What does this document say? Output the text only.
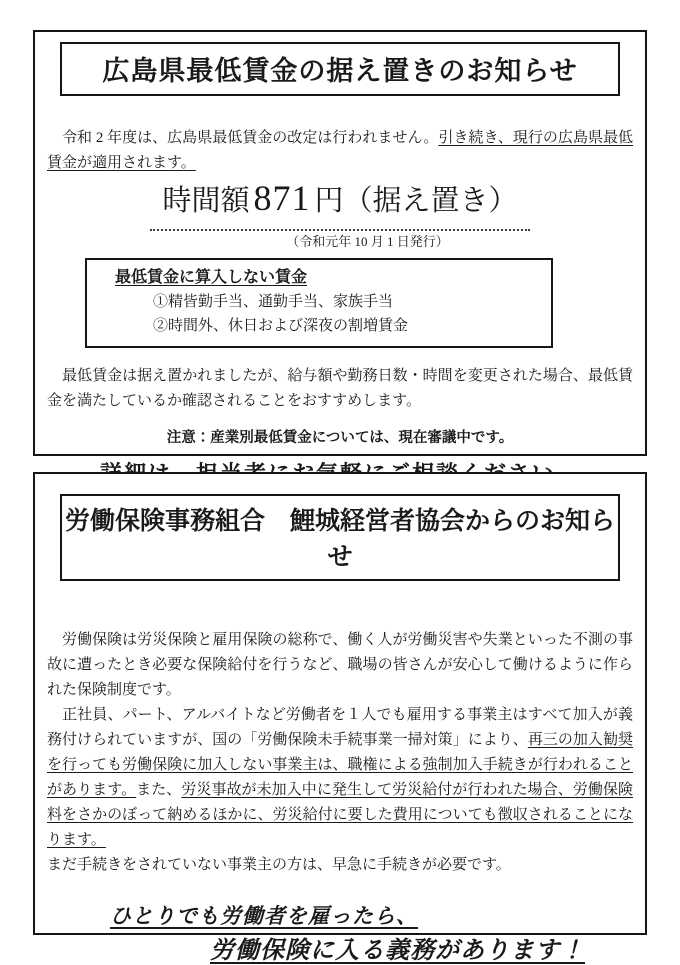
広島県最低賃金の据え置きのお知らせ

　令和 2 年度は、広島県最低賃金の改定は行われません。引き続き、現行の広島県最低賃金が適用されます。

時間額 871 円（据え置き）
（令和元年 10 月 1 日発行）
最低賃金に算入しない賃金
①精皆勤手当、通勤手当、家族手当
②時間外、休日および深夜の割増賃金

　最低賃金は据え置かれましたが、給与額や勤務日数・時間を変更された場合、最低賃金を満たしているか確認されることをおすすめします。

注意：産業別最低賃金については、現在審議中です。
労働保険事務組合　鯉城経営者協会からのお知らせ

　労働保険は労災保険と雇用保険の総称で、働く人が労働災害や失業といった不測の事故に遭ったとき必要な保険給付を行うなど、職場の皆さんが安心して働けるように作られた保険制度です。

　正社員、パート、アルバイトなど労働者を１人でも雇用する事業主はすべて加入が義務付けられていますが、国の「労働保険未手続事業一掃対策」により、再三の加入勧奨を行っても労働保険に加入しない事業主は、職権による強制加入手続きが行われることがあります。また、労災事故が未加入中に発生して労災給付が行われた場合、労働保険料をさかのぼって納めるほかに、労災給付に要した費用についても徴収されることになります。

まだ手続きをされていない事業主の方は、早急に手続きが必要です。

ひとりでも労働者を雇ったら、
労働保険に入る義務があります！
